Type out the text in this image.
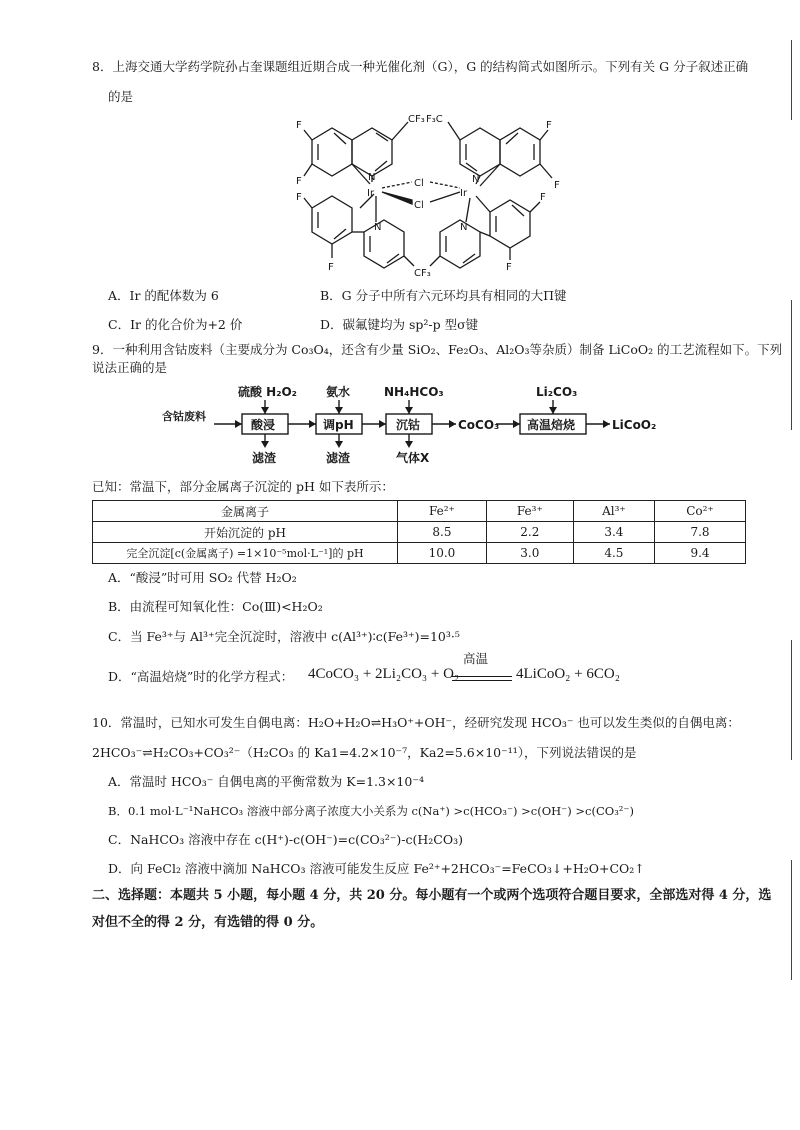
8．上海交通大学药学院孙占奎课题组近期合成一种光催化剂（G），G 的结构简式如图所示。下列有关 G 分子叙述正确
的是
F
F
F
F
N
Ir
Cl
Cl
Ir
N
N	N
F
F
F
F
CF₃ F₃C
CF₃
A．Ir 的配体数为 6	B．G 分子中所有六元环均具有相同的大Π键
C．Ir 的化合价为+2 价	D．碳氟键均为 sp²-p 型σ键
9．一种利用含钴废料（主要成分为 Co₃O₄，还含有少量 SiO₂、Fe₂O₃、Al₂O₃等杂质）制备 LiCoO₂ 的工艺流程如下。下列
说法正确的是
含钴废料
酸浸
硫酸 H₂O₂
滤渣
调pH
氨水
滤渣
沉钴
NH₄HCO₃
气体X
CoCO₃ 高温焙烧
Li₂CO₃
LiCoO₂
已知：常温下，部分金属离子沉淀的 pH 如下表所示：
金属离子	Fe²⁺	Fe³⁺	Al³⁺	Co²⁺
开始沉淀的 pH	8.5	2.2	3.4	7.8
完全沉淀[c(金属离子) =1×10⁻⁵mol·L⁻¹]的 pH	10.0	3.0	4.5	9.4
A．“酸浸”时可用 SO₂ 代替 H₂O₂
B．由流程可知氧化性：Co(Ⅲ)<H₂O₂
C．当 Fe³⁺与 Al³⁺完全沉淀时，溶液中 c(Al³⁺)∶c(Fe³⁺)=10³·⁵
D．“高温焙烧”时的化学方程式： 4CoCO₃ + 2Li₂CO₃ + O₂
高温
4LiCoO₂ + 6CO₂
10．常温时，已知水可发生自偶电离：H₂O+H₂O⇌H₃O⁺+OH⁻，经研究发现 HCO₃⁻ 也可以发生类似的自偶电离：
2HCO₃⁻⇌H₂CO₃+CO₃²⁻（H₂CO₃ 的 Ka1=4.2×10⁻⁷，Ka2=5.6×10⁻¹¹），下列说法错误的是
A．常温时 HCO₃⁻ 自偶电离的平衡常数为 K=1.3×10⁻⁴
B．0.1 mol·L⁻¹NaHCO₃ 溶液中部分离子浓度大小关系为 c(Na⁺) >c(HCO₃⁻) >c(OH⁻) >c(CO₃²⁻)
C．NaHCO₃ 溶液中存在 c(H⁺)-c(OH⁻)=c(CO₃²⁻)-c(H₂CO₃)
D．向 FeCl₂ 溶液中滴加 NaHCO₃ 溶液可能发生反应 Fe²⁺+2HCO₃⁻=FeCO₃↓+H₂O+CO₂↑
二、选择题：本题共 5 小题，每小题 4 分，共 20 分。每小题有一个或两个选项符合题目要求，全部选对得 4 分，选
对但不全的得 2 分，有选错的得 0 分。
